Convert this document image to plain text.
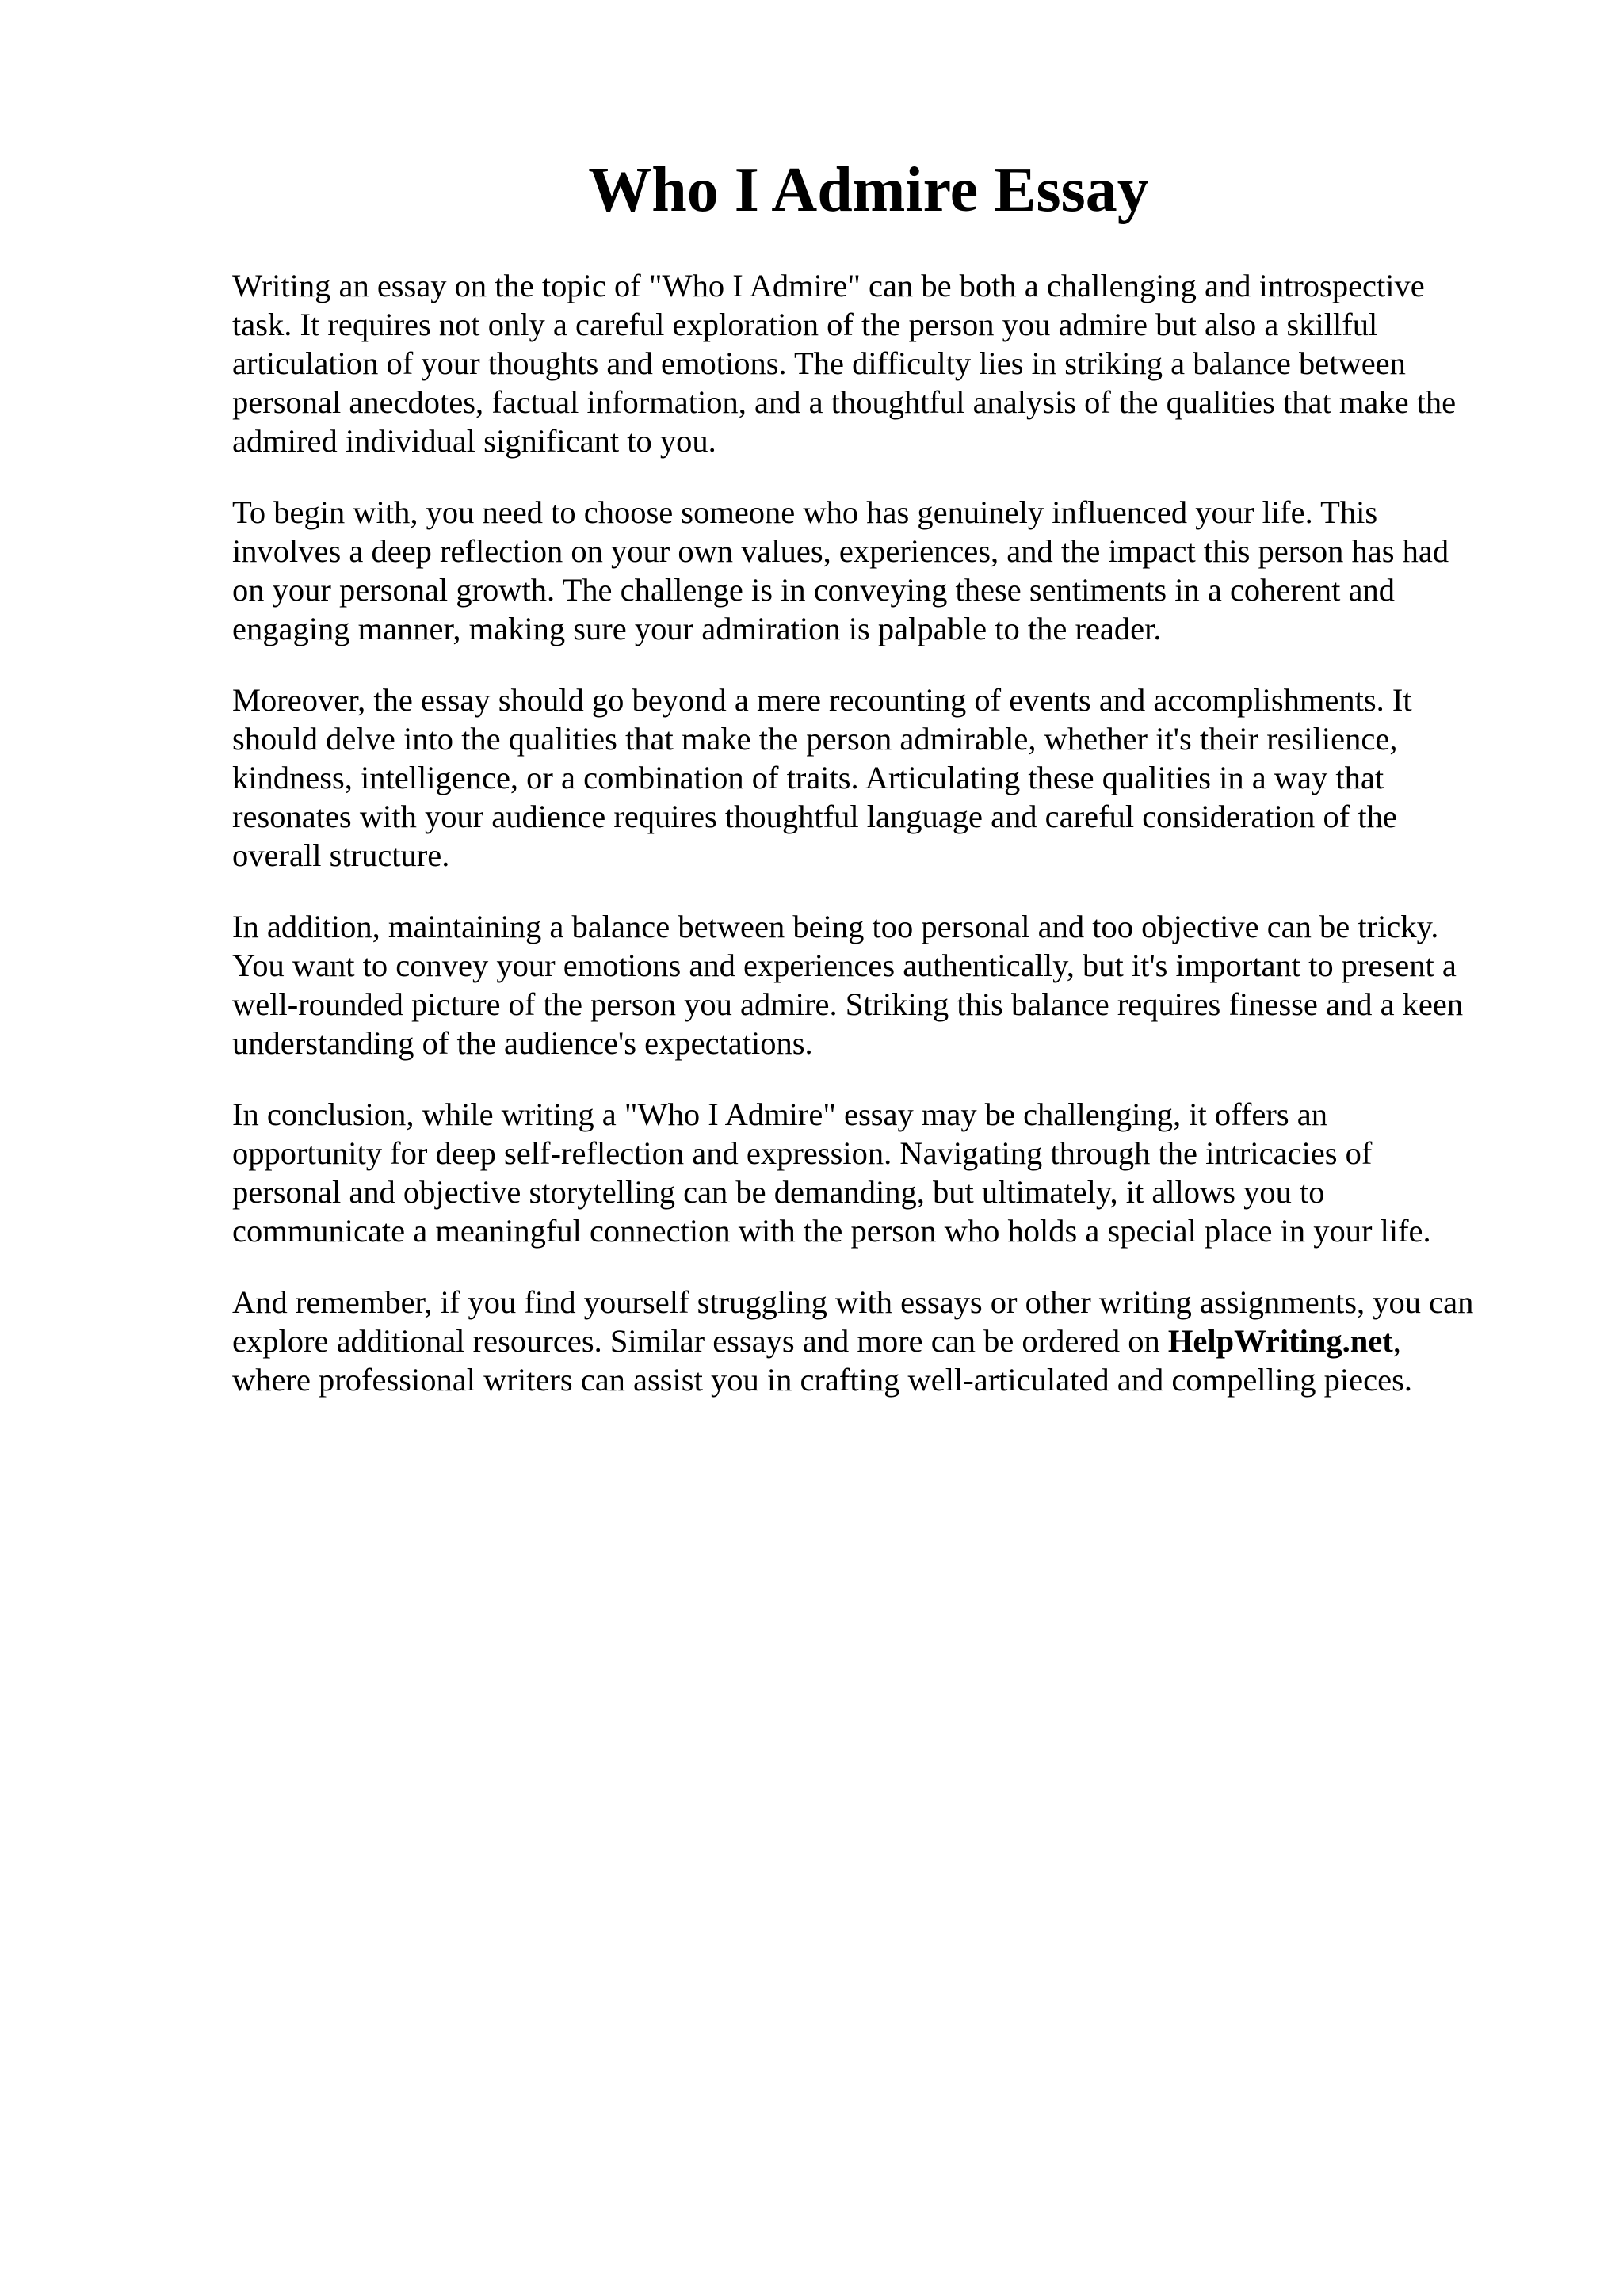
Who I Admire Essay

Writing an essay on the topic of "Who I Admire" can be both a challenging and introspective
task. It requires not only a careful exploration of the person you admire but also a skillful
articulation of your thoughts and emotions. The difficulty lies in striking a balance between
personal anecdotes, factual information, and a thoughtful analysis of the qualities that make the
admired individual significant to you.

To begin with, you need to choose someone who has genuinely influenced your life. This
involves a deep reflection on your own values, experiences, and the impact this person has had
on your personal growth. The challenge is in conveying these sentiments in a coherent and
engaging manner, making sure your admiration is palpable to the reader.

Moreover, the essay should go beyond a mere recounting of events and accomplishments. It
should delve into the qualities that make the person admirable, whether it's their resilience,
kindness, intelligence, or a combination of traits. Articulating these qualities in a way that
resonates with your audience requires thoughtful language and careful consideration of the
overall structure.

In addition, maintaining a balance between being too personal and too objective can be tricky.
You want to convey your emotions and experiences authentically, but it's important to present a
well-rounded picture of the person you admire. Striking this balance requires finesse and a keen
understanding of the audience's expectations.

In conclusion, while writing a "Who I Admire" essay may be challenging, it offers an
opportunity for deep self-reflection and expression. Navigating through the intricacies of
personal and objective storytelling can be demanding, but ultimately, it allows you to
communicate a meaningful connection with the person who holds a special place in your life.

And remember, if you find yourself struggling with essays or other writing assignments, you can
explore additional resources. Similar essays and more can be ordered on HelpWriting.net,
where professional writers can assist you in crafting well-articulated and compelling pieces.
